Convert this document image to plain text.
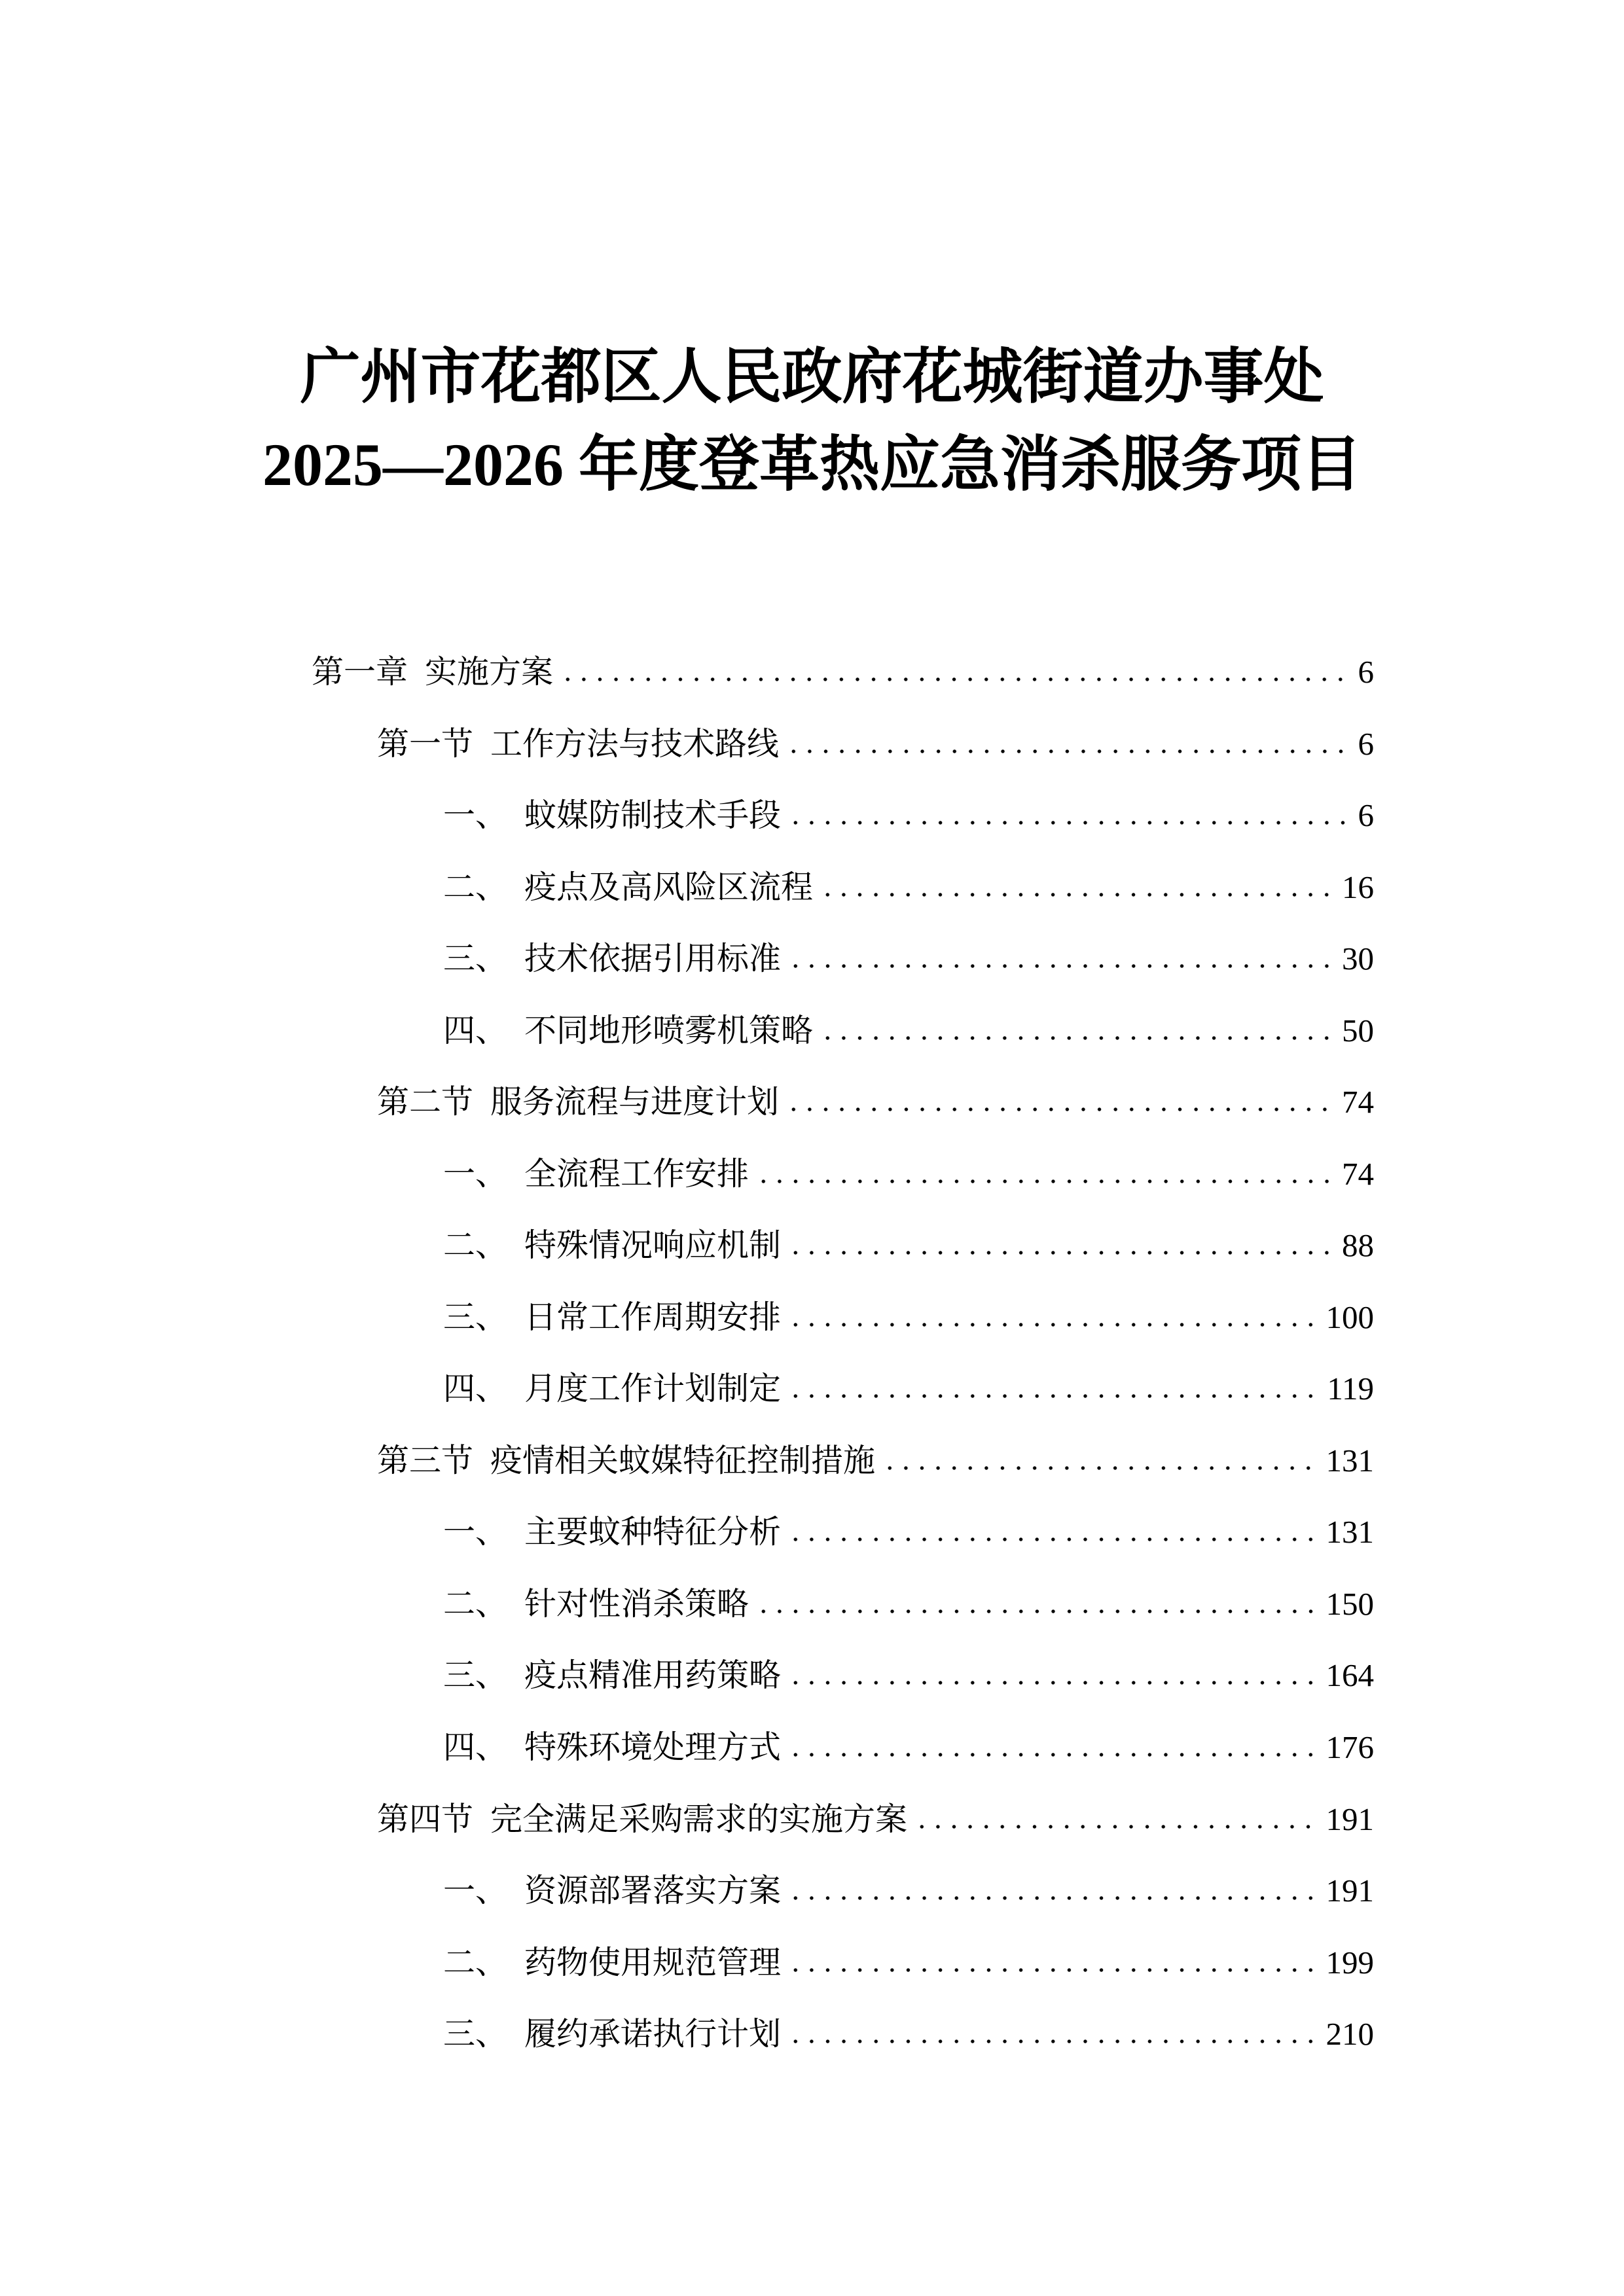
广州市花都区人民政府花城街道办事处
2025—2026 年度登革热应急消杀服务项目
第一章 实施方案	6
第一节 工作方法与技术路线	6
一、 蚊媒防制技术手段	6
二、 疫点及高风险区流程	16
三、 技术依据引用标准	30
四、 不同地形喷雾机策略	50
第二节 服务流程与进度计划	74
一、 全流程工作安排	74
二、 特殊情况响应机制	88
三、 日常工作周期安排	100
四、 月度工作计划制定	119
第三节 疫情相关蚊媒特征控制措施	131
一、 主要蚊种特征分析	131
二、 针对性消杀策略	150
三、 疫点精准用药策略	164
四、 特殊环境处理方式	176
第四节 完全满足采购需求的实施方案	191
一、 资源部署落实方案	191
二、 药物使用规范管理	199
三、 履约承诺执行计划	210
